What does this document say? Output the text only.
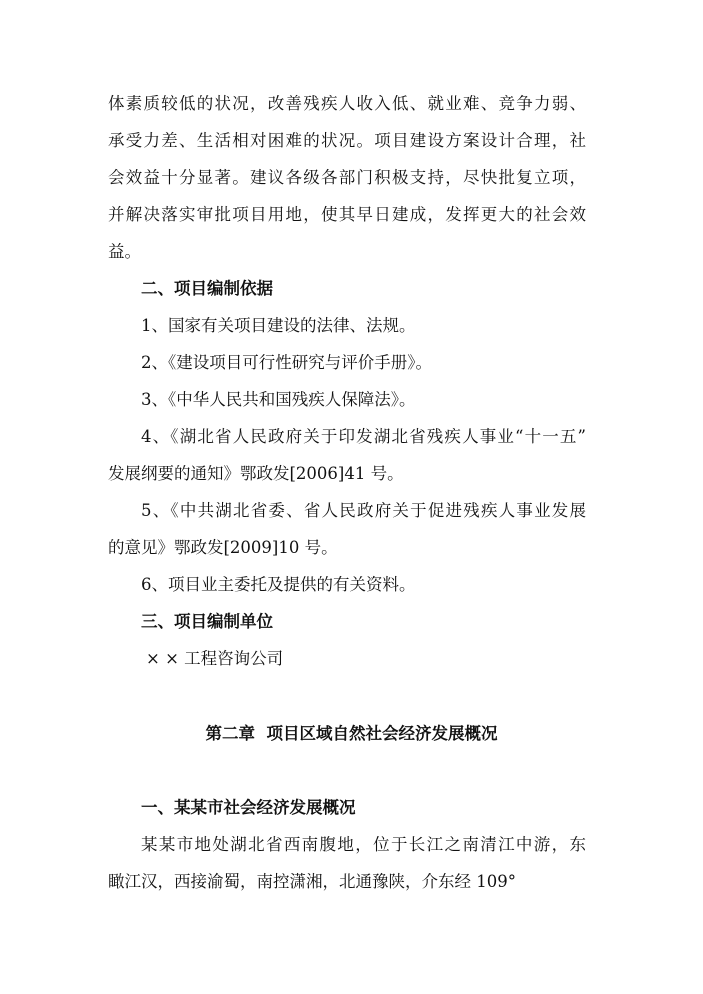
体素质较低的状况，改善残疾人收入低、就业难、竞争力弱、
承受力差、生活相对困难的状况。项目建设方案设计合理，社
会效益十分显著。建议各级各部门积极支持，尽快批复立项，
并解决落实审批项目用地，使其早日建成，发挥更大的社会效
益。
二、项目编制依据
1、国家有关项目建设的法律、法规。
2、《建设项目可行性研究与评价手册》。
3、《中华人民共和国残疾人保障法》。
4、《湖北省人民政府关于印发湖北省残疾人事业“十一五”
发展纲要的通知》鄂政发[2006]41 号。
5、《中共湖北省委、省人民政府关于促进残疾人事业发展
的意见》鄂政发[2009]10 号。
6、项目业主委托及提供的有关资料。
三、项目编制单位
× × 工程咨询公司
第二章  项目区域自然社会经济发展概况
一、某某市社会经济发展概况
某某市地处湖北省西南腹地，位于长江之南清江中游，东
瞰江汉，西接渝蜀，南控潇湘，北通豫陕，介东经 109°
